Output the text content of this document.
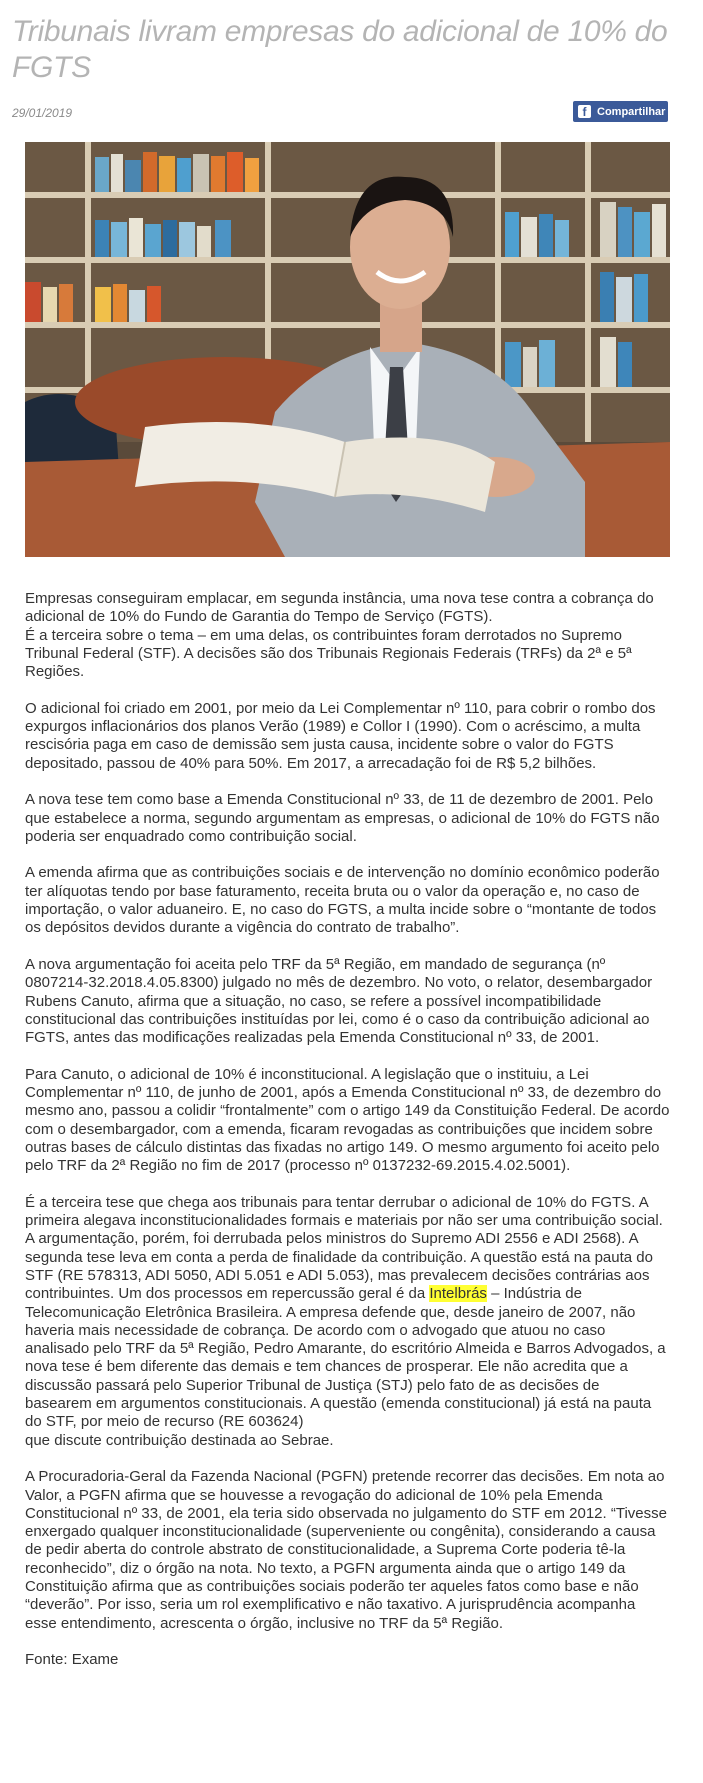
Tribunais livram empresas do adicional de 10% do FGTS
29/01/2019	f Compartilhar

Empresas conseguiram emplacar, em segunda instância, uma nova tese contra a cobrança do adicional de 10% do Fundo de Garantia do Tempo de Serviço (FGTS).
É a terceira sobre o tema – em uma delas, os contribuintes foram derrotados no Supremo Tribunal Federal (STF). A decisões são dos Tribunais Regionais Federais (TRFs) da 2ª e 5ª Regiões.

O adicional foi criado em 2001, por meio da Lei Complementar nº 110, para cobrir o rombo dos expurgos inflacionários dos planos Verão (1989) e Collor I (1990). Com o acréscimo, a multa rescisória paga em caso de demissão sem justa causa, incidente sobre o valor do FGTS depositado, passou de 40% para 50%. Em 2017, a arrecadação foi de R$ 5,2 bilhões.

A nova tese tem como base a Emenda Constitucional nº 33, de 11 de dezembro de 2001. Pelo que estabelece a norma, segundo argumentam as empresas, o adicional de 10% do FGTS não poderia ser enquadrado como contribuição social.

A emenda afirma que as contribuições sociais e de intervenção no domínio econômico poderão ter alíquotas tendo por base faturamento, receita bruta ou o valor da operação e, no caso de importação, o valor aduaneiro. E, no caso do FGTS, a multa incide sobre o “montante de todos os depósitos devidos durante a vigência do contrato de trabalho”.

A nova argumentação foi aceita pelo TRF da 5ª Região, em mandado de segurança (nº 0807214-32.2018.4.05.8300) julgado no mês de dezembro. No voto, o relator, desembargador Rubens Canuto, afirma que a situação, no caso, se refere a possível incompatibilidade constitucional das contribuições instituídas por lei, como é o caso da contribuição adicional ao FGTS, antes das modificações realizadas pela Emenda Constitucional nº 33, de 2001.

Para Canuto, o adicional de 10% é inconstitucional. A legislação que o instituiu, a Lei Complementar nº 110, de junho de 2001, após a Emenda Constitucional nº 33, de dezembro do mesmo ano, passou a colidir “frontalmente” com o artigo 149 da Constituição Federal. De acordo com o desembargador, com a emenda, ficaram revogadas as contribuições que incidem sobre outras bases de cálculo distintas das fixadas no artigo 149. O mesmo argumento foi aceito pelo pelo TRF da 2ª Região no fim de 2017 (processo nº 0137232-69.2015.4.02.5001).

É a terceira tese que chega aos tribunais para tentar derrubar o adicional de 10% do FGTS. A primeira alegava inconstitucionalidades formais e materiais por não ser uma contribuição social. A argumentação, porém, foi derrubada pelos ministros do Supremo ADI 2556 e ADI 2568). A segunda tese leva em conta a perda de finalidade da contribuição. A questão está na pauta do STF (RE 578313, ADI 5050, ADI 5.051 e ADI 5.053), mas prevalecem decisões contrárias aos contribuintes. Um dos processos em repercussão geral é da Intelbrás – Indústria de Telecomunicação Eletrônica Brasileira. A empresa defende que, desde janeiro de 2007, não haveria mais necessidade de cobrança. De acordo com o advogado que atuou no caso analisado pelo TRF da 5ª Região, Pedro Amarante, do escritório Almeida e Barros Advogados, a nova tese é bem diferente das demais e tem chances de prosperar. Ele não acredita que a discussão passará pelo Superior Tribunal de Justiça (STJ) pelo fato de as decisões de basearem em argumentos constitucionais. A questão (emenda constitucional) já está na pauta do STF, por meio de recurso (RE 603624)
que discute contribuição destinada ao Sebrae.

A Procuradoria-Geral da Fazenda Nacional (PGFN) pretende recorrer das decisões. Em nota ao Valor, a PGFN afirma que se houvesse a revogação do adicional de 10% pela Emenda Constitucional nº 33, de 2001, ela teria sido observada no julgamento do STF em 2012. “Tivesse enxergado qualquer inconstitucionalidade (superveniente ou congênita), considerando a causa de pedir aberta do controle abstrato de constitucionalidade, a Suprema Corte poderia tê-la reconhecido”, diz o órgão na nota. No texto, a PGFN argumenta ainda que o artigo 149 da Constituição afirma que as contribuições sociais poderão ter aqueles fatos como base e não “deverão”. Por isso, seria um rol exemplificativo e não taxativo. A jurisprudência acompanha esse entendimento, acrescenta o órgão, inclusive no TRF da 5ª Região.

Fonte: Exame
